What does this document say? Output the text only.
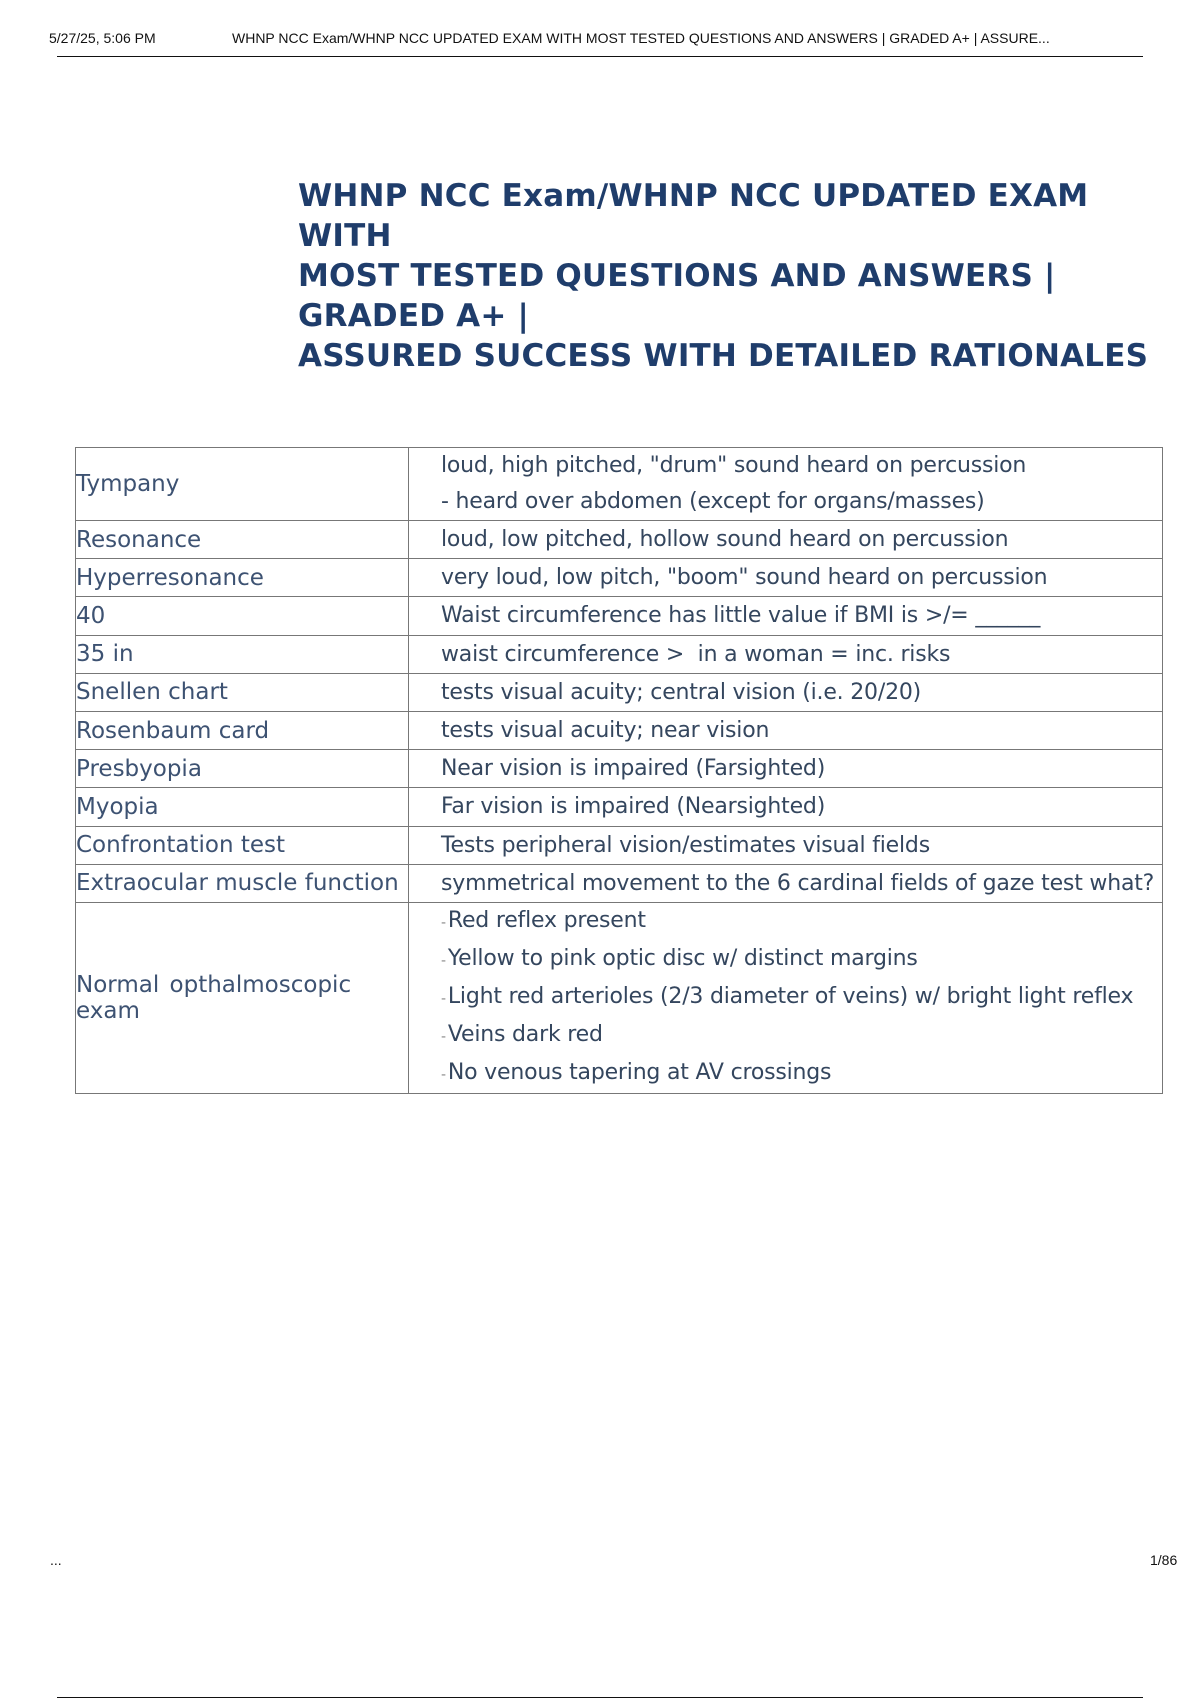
5/27/25, 5:06 PM	WHNP NCC Exam/WHNP NCC UPDATED EXAM WITH MOST TESTED QUESTIONS AND ANSWERS | GRADED A+ | ASSURE...
WHNP NCC Exam/WHNP NCC UPDATED EXAM WITH
MOST TESTED QUESTIONS AND ANSWERS | GRADED A+ |
ASSURED SUCCESS WITH DETAILED RATIONALES
Tympany	loud, high pitched, "drum" sound heard on percussion
- heard over abdomen (except for organs/masses)

Resonance	loud, low pitched, hollow sound heard on percussion
Hyperresonance	very loud, low pitch, "boom" sound heard on percussion
40	Waist circumference has little value if BMI is >/= ______
35 in	waist circumference >  in a woman = inc. risks
Snellen chart	tests visual acuity; central vision (i.e. 20/20)
Rosenbaum card	tests visual acuity; near vision
Presbyopia	Near vision is impaired (Farsighted)
Myopia	Far vision is impaired (Nearsighted)
Confrontation test	Tests peripheral vision/estimates visual fields
Extraocular muscle function	symmetrical movement to the 6 cardinal fields of gaze test what?
Normal opthalmoscopic exam	-Red reflex present
-Yellow to pink optic disc w/ distinct margins
-Light red arterioles (2/3 diameter of veins) w/ bright light reflex
-Veins dark red
-No venous tapering at AV crossings
...	1/86
